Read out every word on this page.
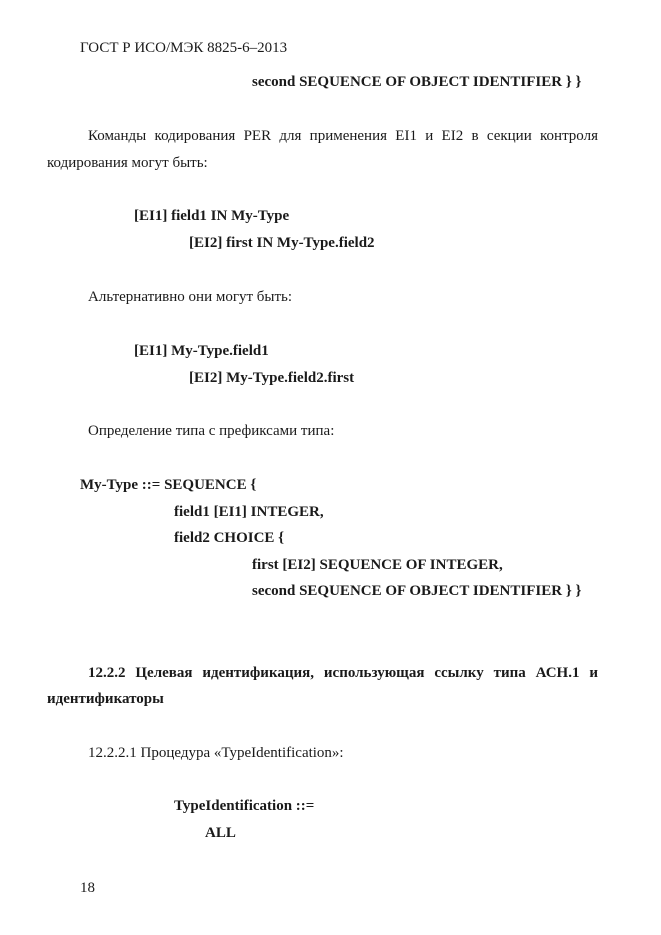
ГОСТ Р ИСО/МЭК 8825-6–2013
second SEQUENCE OF OBJECT IDENTIFIER } }
Команды кодирования PER для применения EI1 и EI2 в секции контроля
кодирования могут быть:
[EI1] field1 IN My-Type
[EI2] first IN My-Type.field2
Альтернативно они могут быть:
[EI1] My-Type.field1
[EI2] My-Type.field2.first
Определение типа с префиксами типа:
My-Type ::= SEQUENCE {
field1 [EI1] INTEGER,
field2 CHOICE {
first [EI2] SEQUENCE OF INTEGER,
second SEQUENCE OF OBJECT IDENTIFIER } }
12.2.2 Целевая идентификация, использующая ссылку типа АСН.1 и
идентификаторы
12.2.2.1 Процедура «TypeIdentification»:
TypeIdentification ::=
ALL
18
